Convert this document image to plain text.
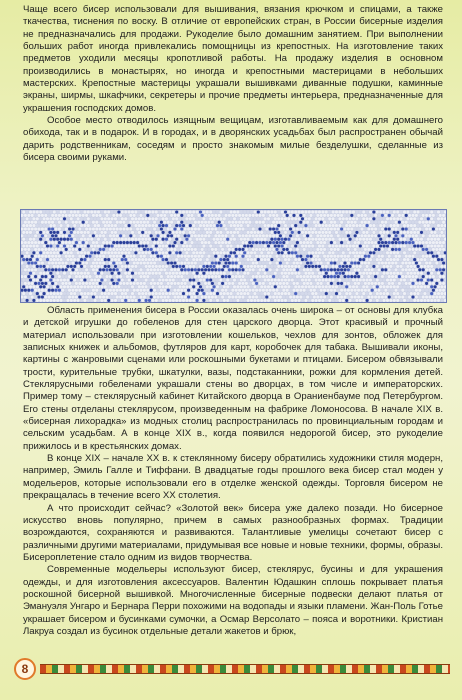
Чаще всего бисер использовали для вышивания, вязания крючком и спицами, а также ткачества, тиснения по воску. В отличие от европейских стран, в России бисерные изделия не предназначались для продажи. Рукоделие было домашним занятием. При выполнении больших работ иногда привлекались помощницы из крепостных. На изготовление таких предметов уходили месяцы кропотливой работы. На продажу изделия в основном производились в монастырях, но иногда и крепостными мастерицами в небольших мастерских. Крепостные мастерицы украшали вышивками диванные подушки, каминные экраны, ширмы, шкафчики, секретеры и прочие предметы интерьера, предназначенные для украшения господских домов.

Особое место отводилось изящным вещицам, изготавливаемым как для домашнего обихода, так и в подарок. И в городах, и в дворянских усадьбах был распространен обычай дарить родственникам, соседям и просто знакомым милые безделушки, сделанные из бисера своими руками.

Область применения бисера в России оказалась очень широка – от основы для клубка и детской игрушки до гобеленов для стен царского дворца. Этот красивый и прочный материал использовали при изготовлении кошельков, чехлов для зонтов, обложек для записных книжек и альбомов, футляров для карт, коробочек для табака. Вышивали иконы, картины с жанровыми сценами или роскошными букетами и птицами. Бисером обвязывали трости, курительные трубки, шкатулки, вазы, подстаканники, рожки для кормления детей. Стеклярусными гобеленами украшали стены во дворцах, в том числе и императорских. Пример тому – стеклярусный кабинет Китайского дворца в Ораниенбауме под Петербургом. Его стены отделаны стеклярусом, произведенным на фабрике Ломоносова. В начале XIX в. «бисерная лихорадка» из модных столиц распространилась по провинциальным городам и сельским усадьбам. А в конце XIX в., когда появился недорогой бисер, это рукоделие прижилось и в крестьянских домах.

В конце XIX – начале XX в. к стеклянному бисеру обратились художники стиля модерн, например, Эмиль Галле и Тиффани. В двадцатые годы прошлого века бисер стал моден у модельеров, которые использовали его в отделке женской одежды. Торговля бисером не прекращалась в течение всего XX столетия.

А что происходит сейчас? «Золотой век» бисера уже далеко позади. Но бисерное искусство вновь популярно, причем в самых разнообразных формах. Традиции возрождаются, сохраняются и развиваются. Талантливые умелицы сочетают бисер с различными другими материалами, придумывая все новые и новые техники, формы, образы. Бисероплетение стало одним из видов творчества.

Современные модельеры используют бисер, стеклярус, бусины и для украшения одежды, и для изготовления аксессуаров. Валентин Юдашкин сплошь покрывает платья роскошной бисерной вышивкой. Многочисленные бисерные подвески делают платья от Эмануэля Унгаро и Бернара Перри похожими на водопады и языки пламени. Жан-Поль Готье украшает бисером и бусинками сумочки, а Осмар Версолато – пояса и воротники. Кристиан Лакруа создал из бусинок отдельные детали жакетов и брюк,

8
